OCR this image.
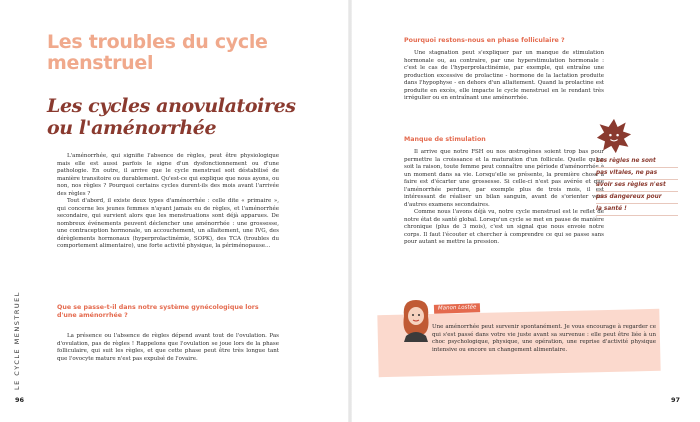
Les troubles du cycle menstruel
Les cycles anovulatoires ou l'aménorrhée

L'aménorrhée, qui signifie l'absence de règles, peut être physiologique mais elle est aussi parfois le signe d'un dysfonctionnement ou d'une pathologie. En outre, il arrive que le cycle menstruel soit déstabilisé de manière transitoire ou durablement. Qu'est-ce qui explique que nous ayons, ou non, nos règles ? Pourquoi certains cycles durent-ils des mois avant l'arrivée des règles ?

Tout d'abord, il existe deux types d'aménorrhée : celle dite « primaire », qui concerne les jeunes femmes n'ayant jamais eu de règles, et l'aménorrhée secondaire, qui survient alors que les menstruations sont déjà apparues. De nombreux événements peuvent déclencher une aménorrhée : une grossesse, une contraception hormonale, un accouchement, un allaitement, une IVG, des dérèglements hormonaux (hyperprolactinémie, SOPK), des TCA (troubles du comportement alimentaire), une forte activité physique, la périménopause…

Que se passe-t-il dans notre système gynécologique lors d'une aménorrhée ?

La présence ou l'absence de règles dépend avant tout de l'ovulation. Pas d'ovulation, pas de règles ! Rappelons que l'ovulation se joue lors de la phase folliculaire, qui suit les règles, et que cette phase peut être très longue tant que l'ovocyte mature n'est pas expulsé de l'ovaire.

LE CYCLE MENSTRUEL
96
Pourquoi restons-nous en phase folliculaire ?

Une stagnation peut s'expliquer par un manque de stimulation hormonale ou, au contraire, par une hyperstimulation hormonale : c'est le cas de l'hyperprolactinémie, par exemple, qui entraîne une production excessive de prolactine - hormone de la lactation produite dans l'hypophyse - en dehors d'un allaitement. Quand la prolactine est produite en excès, elle impacte le cycle menstruel en le rendant très irrégulier ou en entraînant une aménorrhée.

Manque de stimulation

Il arrive que notre FSH ou nos œstrogènes soient trop bas pour permettre la croissance et la maturation d'un follicule. Quelle qu'en soit la raison, toute femme peut connaître une période d'aménorrhée à un moment dans sa vie. Lorsqu'elle se présente, la première chose à faire est d'écarter une grossesse. Si celle-ci n'est pas avérée et que l'aménorrhée perdure, par exemple plus de trois mois, il est intéressant de réaliser un bilan sanguin, avant de s'orienter vers d'autres examens secondaires.

Comme nous l'avons déjà vu, notre cycle menstruel est le reflet de notre état de santé global. Lorsqu'un cycle se met en pause de manière chronique (plus de 3 mois), c'est un signal que nous envoie notre corps. Il faut l'écouter et chercher à comprendre ce qui se passe sans pour autant se mettre la pression.

Les règles ne sont
pas vitales, ne pas
avoir ses règles n'est
pas dangereux pour
la santé !
Manon Lostée

Une aménorrhée peut survenir spontanément. Je vous encourage à regarder ce qui s'est passé dans votre vie juste avant sa survenue : elle peut être liée à un choc psychologique, physique, une opération, une reprise d'activité physique intensive ou encore un changement alimentaire.

97
